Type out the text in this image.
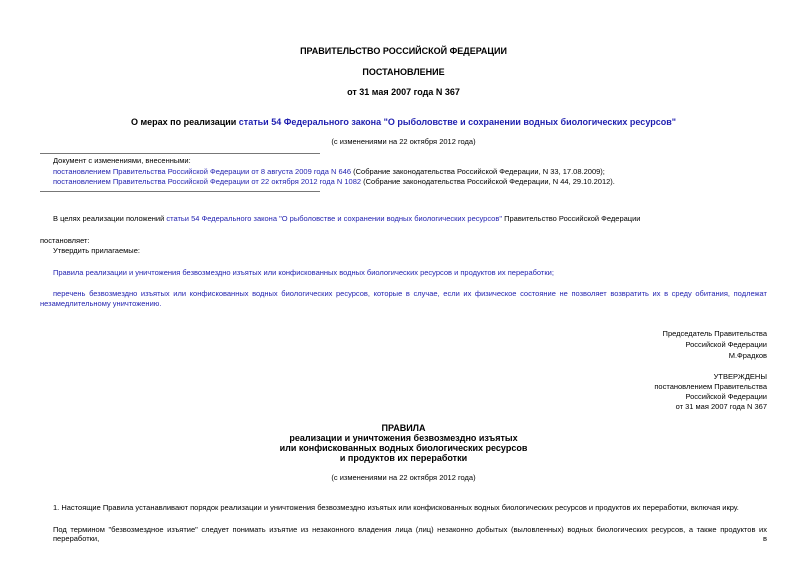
ПРАВИТЕЛЬСТВО РОССИЙСКОЙ ФЕДЕРАЦИИ
ПОСТАНОВЛЕНИЕ
от 31 мая 2007 года N 367
О мерах по реализации статьи 54 Федерального закона "О рыболовстве и сохранении водных биологических ресурсов"
(с изменениями на 22 октября 2012 года)
Документ с изменениями, внесенными:
постановлением Правительства Российской Федерации от 8 августа 2009 года N 646 (Собрание законодательства Российской Федерации, N 33, 17.08.2009);
постановлением Правительства Российской Федерации от 22 октября 2012 года N 1082 (Собрание законодательства Российской Федерации, N 44, 29.10.2012).
В целях реализации положений статьи 54 Федерального закона "О рыболовстве и сохранении водных биологических ресурсов" Правительство Российской Федерации
постановляет:
Утвердить прилагаемые:
Правила реализации и уничтожения безвозмездно изъятых или конфискованных водных биологических ресурсов и продуктов их переработки;
перечень безвозмездно изъятых или конфискованных водных биологических ресурсов, которые в случае, если их физическое состояние не позволяет возвратить их в среду обитания, подлежат
незамедлительному уничтожению.
Председатель Правительства
Российской Федерации
М.Фрадков
УТВЕРЖДЕНЫ
постановлением Правительства
Российской Федерации
от 31 мая 2007 года N 367
ПРАВИЛА
реализации и уничтожения безвозмездно изъятых
или конфискованных водных биологических ресурсов
и продуктов их переработки
(с изменениями на 22 октября 2012 года)
1. Настоящие Правила устанавливают порядок реализации и уничтожения безвозмездно изъятых или конфискованных водных биологических ресурсов и продуктов их переработки, включая икру.
Под термином "безвозмездное изъятие" следует понимать изъятие из незаконного владения лица (лиц) незаконно добытых (выловленных) водных биологических ресурсов, а также продуктов их переработки, в
